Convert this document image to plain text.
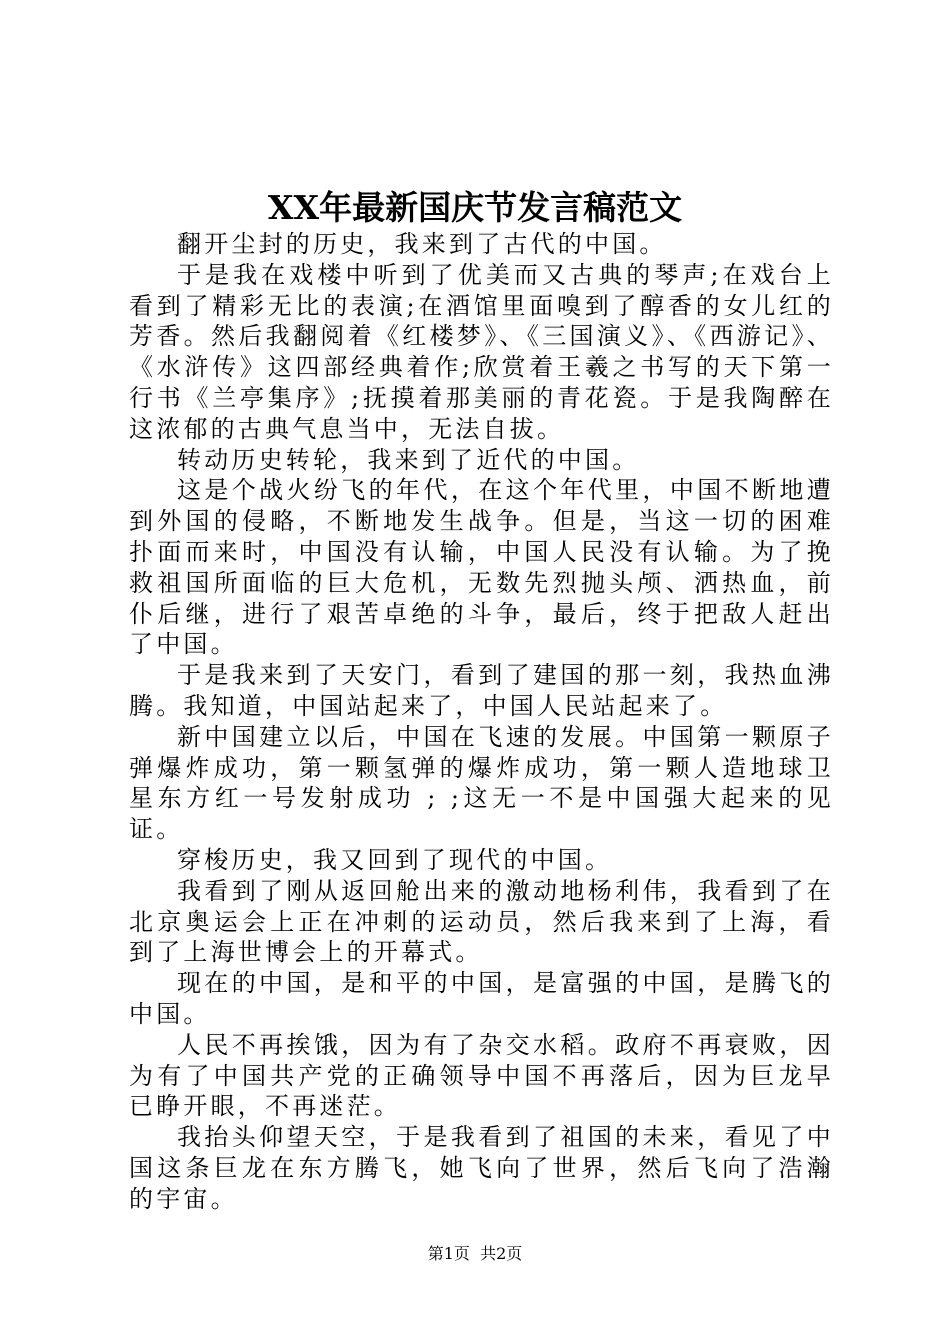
XX年最新国庆节发言稿范文

翻开尘封的历史，我来到了古代的中国。

于是我在戏楼中听到了优美而又古典的琴声;在戏台上看到了精彩无比的表演;在酒馆里面嗅到了醇香的女儿红的芳香。然后我翻阅着《红楼梦》、《三国演义》、《西游记》、《水浒传》这四部经典着作;欣赏着王羲之书写的天下第一行书《兰亭集序》;抚摸着那美丽的青花瓷。于是我陶醉在这浓郁的古典气息当中，无法自拔。

转动历史转轮，我来到了近代的中国。

这是个战火纷飞的年代，在这个年代里，中国不断地遭到外国的侵略，不断地发生战争。但是，当这一切的困难扑面而来时，中国没有认输，中国人民没有认输。为了挽救祖国所面临的巨大危机，无数先烈抛头颅、洒热血，前仆后继，进行了艰苦卓绝的斗争，最后，终于把敌人赶出了中国。

于是我来到了天安门，看到了建国的那一刻，我热血沸腾。我知道，中国站起来了，中国人民站起来了。

新中国建立以后，中国在飞速的发展。中国第一颗原子弹爆炸成功，第一颗氢弹的爆炸成功，第一颗人造地球卫星东方红一号发射成功 ; ;这无一不是中国强大起来的见证。

穿梭历史，我又回到了现代的中国。

我看到了刚从返回舱出来的激动地杨利伟，我看到了在北京奥运会上正在冲刺的运动员，然后我来到了上海，看到了上海世博会上的开幕式。

现在的中国，是和平的中国，是富强的中国，是腾飞的中国。

人民不再挨饿，因为有了杂交水稻。政府不再衰败，因为有了中国共产党的正确领导中国不再落后，因为巨龙早已睁开眼，不再迷茫。

我抬头仰望天空，于是我看到了祖国的未来，看见了中国这条巨龙在东方腾飞，她飞向了世界，然后飞向了浩瀚的宇宙。

第1页 共2页
